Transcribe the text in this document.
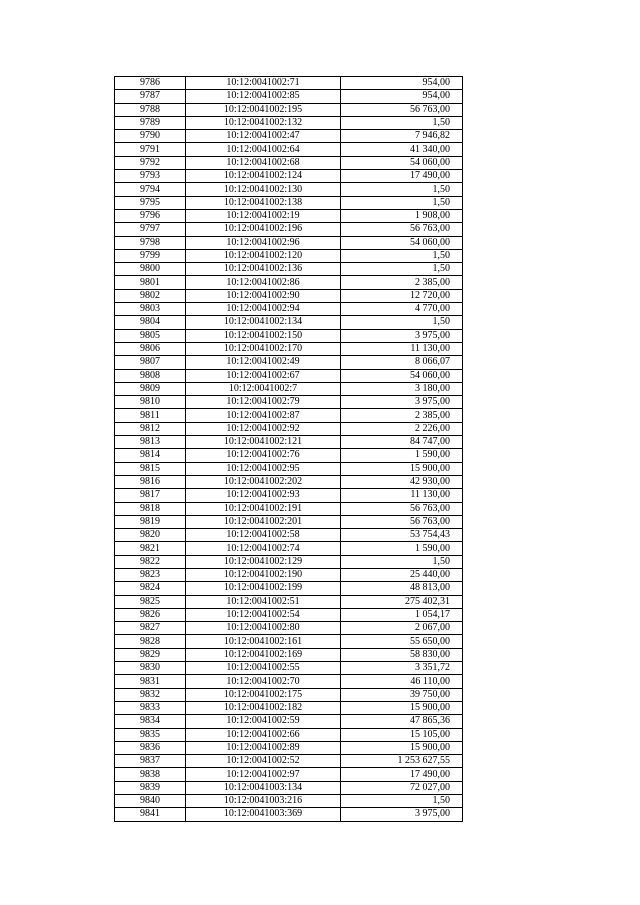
9786	10:12:0041002:71	954,00
9787	10:12:0041002:85	954,00
9788	10:12:0041002:195	56 763,00
9789	10:12:0041002:132	1,50
9790	10:12:0041002:47	7 946,82
9791	10:12:0041002:64	41 340,00
9792	10:12:0041002:68	54 060,00
9793	10:12:0041002:124	17 490,00
9794	10:12:0041002:130	1,50
9795	10:12:0041002:138	1,50
9796	10:12:0041002:19	1 908,00
9797	10:12:0041002:196	56 763,00
9798	10:12:0041002:96	54 060,00
9799	10:12:0041002:120	1,50
9800	10:12:0041002:136	1,50
9801	10:12:0041002:86	2 385,00
9802	10:12:0041002:90	12 720,00
9803	10:12:0041002:94	4 770,00
9804	10:12:0041002:134	1,50
9805	10:12:0041002:150	3 975,00
9806	10:12:0041002:170	11 130,00
9807	10:12:0041002:49	8 066,07
9808	10:12:0041002:67	54 060,00
9809	10:12:0041002:7	3 180,00
9810	10:12:0041002:79	3 975,00
9811	10:12:0041002:87	2 385,00
9812	10:12:0041002:92	2 226,00
9813	10:12:0041002:121	84 747,00
9814	10:12:0041002:76	1 590,00
9815	10:12:0041002:95	15 900,00
9816	10:12:0041002:202	42 930,00
9817	10:12:0041002:93	11 130,00
9818	10:12:0041002:191	56 763,00
9819	10:12:0041002:201	56 763,00
9820	10:12:0041002:58	53 754,43
9821	10:12:0041002:74	1 590,00
9822	10:12:0041002:129	1,50
9823	10:12:0041002:190	25 440,00
9824	10:12:0041002:199	48 813,00
9825	10:12:0041002:51	275 402,31
9826	10:12:0041002:54	1 054,17
9827	10:12:0041002:80	2 067,00
9828	10:12:0041002:161	55 650,00
9829	10:12:0041002:169	58 830,00
9830	10:12:0041002:55	3 351,72
9831	10:12:0041002:70	46 110,00
9832	10:12:0041002:175	39 750,00
9833	10:12:0041002:182	15 900,00
9834	10:12:0041002:59	47 865,36
9835	10:12:0041002:66	15 105,00
9836	10:12:0041002:89	15 900,00
9837	10:12:0041002:52	1 253 627,55
9838	10:12:0041002:97	17 490,00
9839	10:12:0041003:134	72 027,00
9840	10:12:0041003:216	1,50
9841	10:12:0041003:369	3 975,00
